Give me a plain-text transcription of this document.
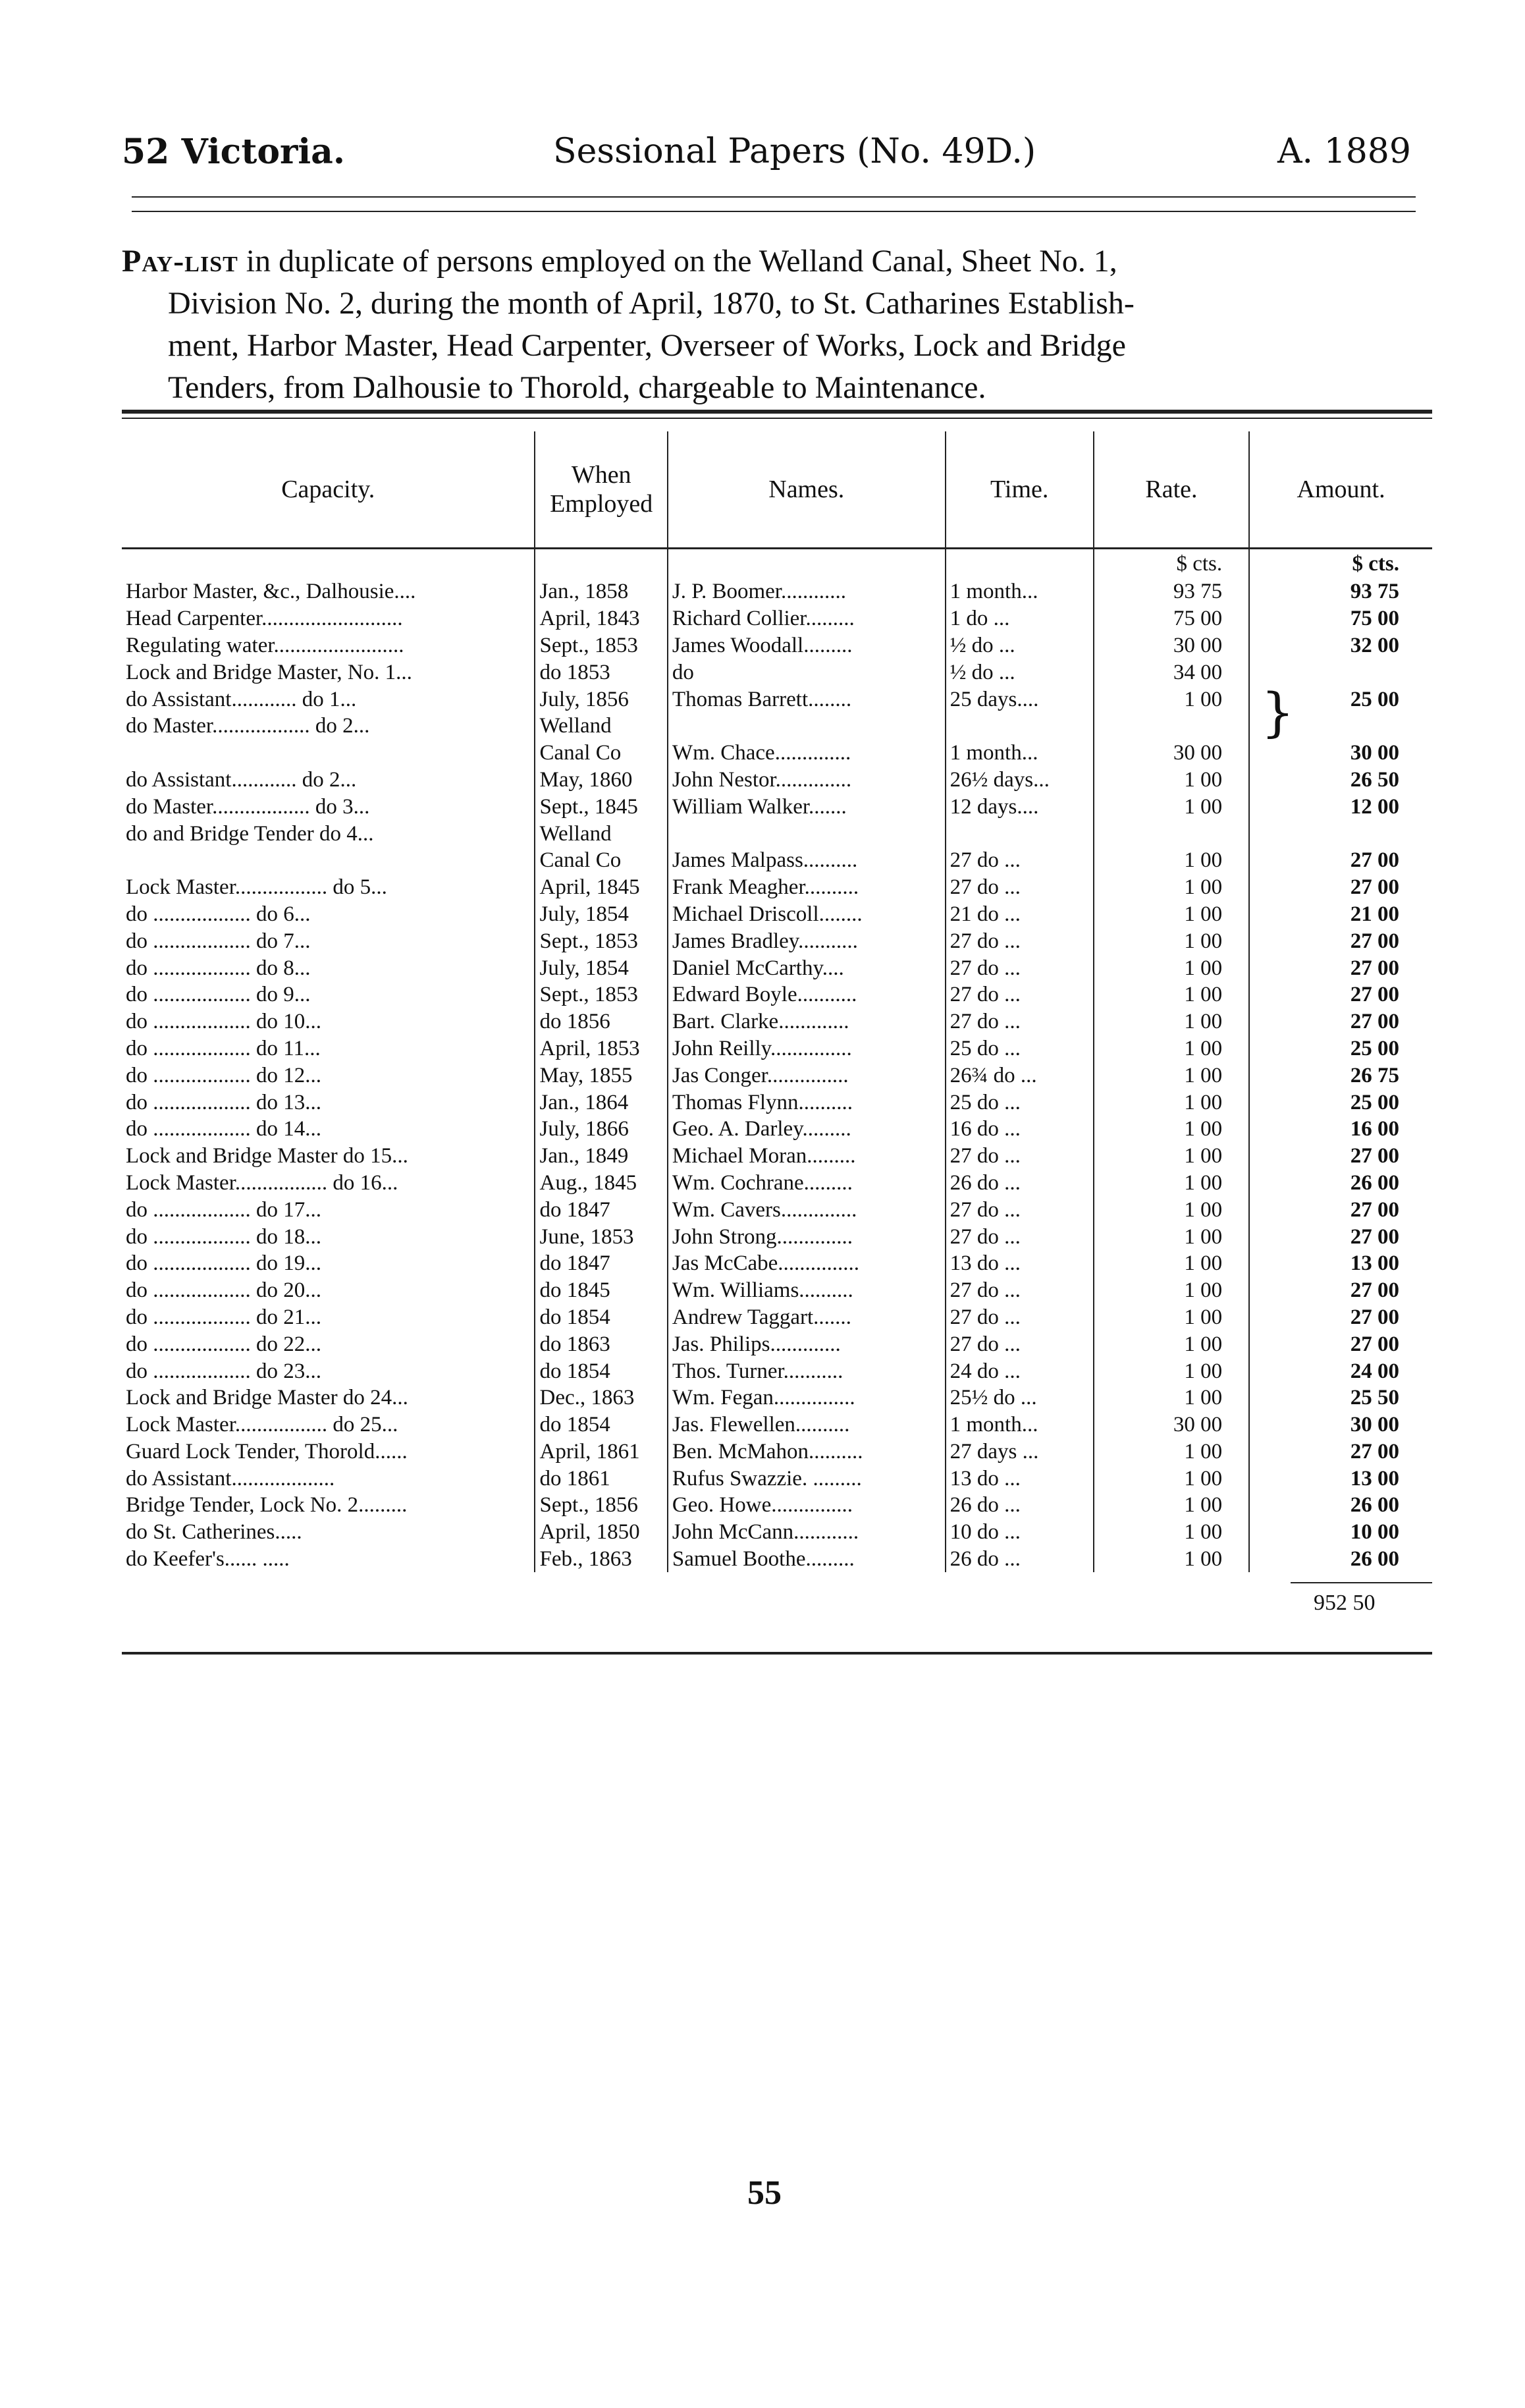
52 Victoria.	Sessional Papers (No. 49D.)	A. 1889
Pay-list in duplicate of persons employed on the Welland Canal, Sheet No. 1,
Division No. 2, during the month of April, 1870, to St. Catharines Establish-
ment, Harbor Master, Head Carpenter, Overseer of Works, Lock and Bridge
Tenders, from Dalhousie to Thorold, chargeable to Maintenance.
Capacity.	When Employed	Names.	Time.	Rate.	Amount.
				$ cts.	$ cts.
Harbor Master, &c., Dalhousie....	Jan., 1858	J. P. Boomer............	1 month...	93 75	93 75
Head Carpenter..........................	April, 1843	Richard Collier.........	1 do ...	75 00	75 00
Regulating water........................	Sept., 1853	James Woodall.........	½ do ...	30 00	32 00
Lock and Bridge Master, No. 1...	do 1853	do	½ do ...	34 00	
do Assistant............ do 1...	July, 1856	Thomas Barrett........	25 days....	1 00	25 00
do Master.................. do 2...	Welland				
	Canal Co	Wm. Chace..............	1 month...	30 00	30 00
do Assistant............ do 2...	May, 1860	John Nestor..............	26½ days...	1 00	26 50
do Master.................. do 3...	Sept., 1845	William Walker.......	12 days....	1 00	12 00
do and Bridge Tender do 4...	Welland				
	Canal Co	James Malpass..........	27 do ...	1 00	27 00
Lock Master................. do 5...	April, 1845	Frank Meagher..........	27 do ...	1 00	27 00
do .................. do 6...	July, 1854	Michael Driscoll........	21 do ...	1 00	21 00
do .................. do 7...	Sept., 1853	James Bradley...........	27 do ...	1 00	27 00
do .................. do 8...	July, 1854	Daniel McCarthy....	27 do ...	1 00	27 00
do .................. do 9...	Sept., 1853	Edward Boyle...........	27 do ...	1 00	27 00
do .................. do 10...	do 1856	Bart. Clarke.............	27 do ...	1 00	27 00
do .................. do 11...	April, 1853	John Reilly...............	25 do ...	1 00	25 00
do .................. do 12...	May, 1855	Jas Conger...............	26¾ do ...	1 00	26 75
do .................. do 13...	Jan., 1864	Thomas Flynn..........	25 do ...	1 00	25 00
do .................. do 14...	July, 1866	Geo. A. Darley.........	16 do ...	1 00	16 00
Lock and Bridge Master do 15...	Jan., 1849	Michael Moran.........	27 do ...	1 00	27 00
Lock Master................. do 16...	Aug., 1845	Wm. Cochrane.........	26 do ...	1 00	26 00
do .................. do 17...	do 1847	Wm. Cavers..............	27 do ...	1 00	27 00
do .................. do 18...	June, 1853	John Strong..............	27 do ...	1 00	27 00
do .................. do 19...	do 1847	Jas McCabe...............	13 do ...	1 00	13 00
do .................. do 20...	do 1845	Wm. Williams..........	27 do ...	1 00	27 00
do .................. do 21...	do 1854	Andrew Taggart.......	27 do ...	1 00	27 00
do .................. do 22...	do 1863	Jas. Philips.............	27 do ...	1 00	27 00
do .................. do 23...	do 1854	Thos. Turner...........	24 do ...	1 00	24 00
Lock and Bridge Master do 24...	Dec., 1863	Wm. Fegan...............	25½ do ...	1 00	25 50
Lock Master................. do 25...	do 1854	Jas. Flewellen..........	1 month...	30 00	30 00
Guard Lock Tender, Thorold......	April, 1861	Ben. McMahon..........	27 days ...	1 00	27 00
do Assistant...................	do 1861	Rufus Swazzie. .........	13 do ...	1 00	13 00
Bridge Tender, Lock No. 2.........	Sept., 1856	Geo. Howe...............	26 do ...	1 00	26 00
do St. Catherines.....	April, 1850	John McCann............	10 do ...	1 00	10 00
do Keefer's...... .....	Feb., 1863	Samuel Boothe.........	26 do ...	1 00	26 00
}
952 50
55
